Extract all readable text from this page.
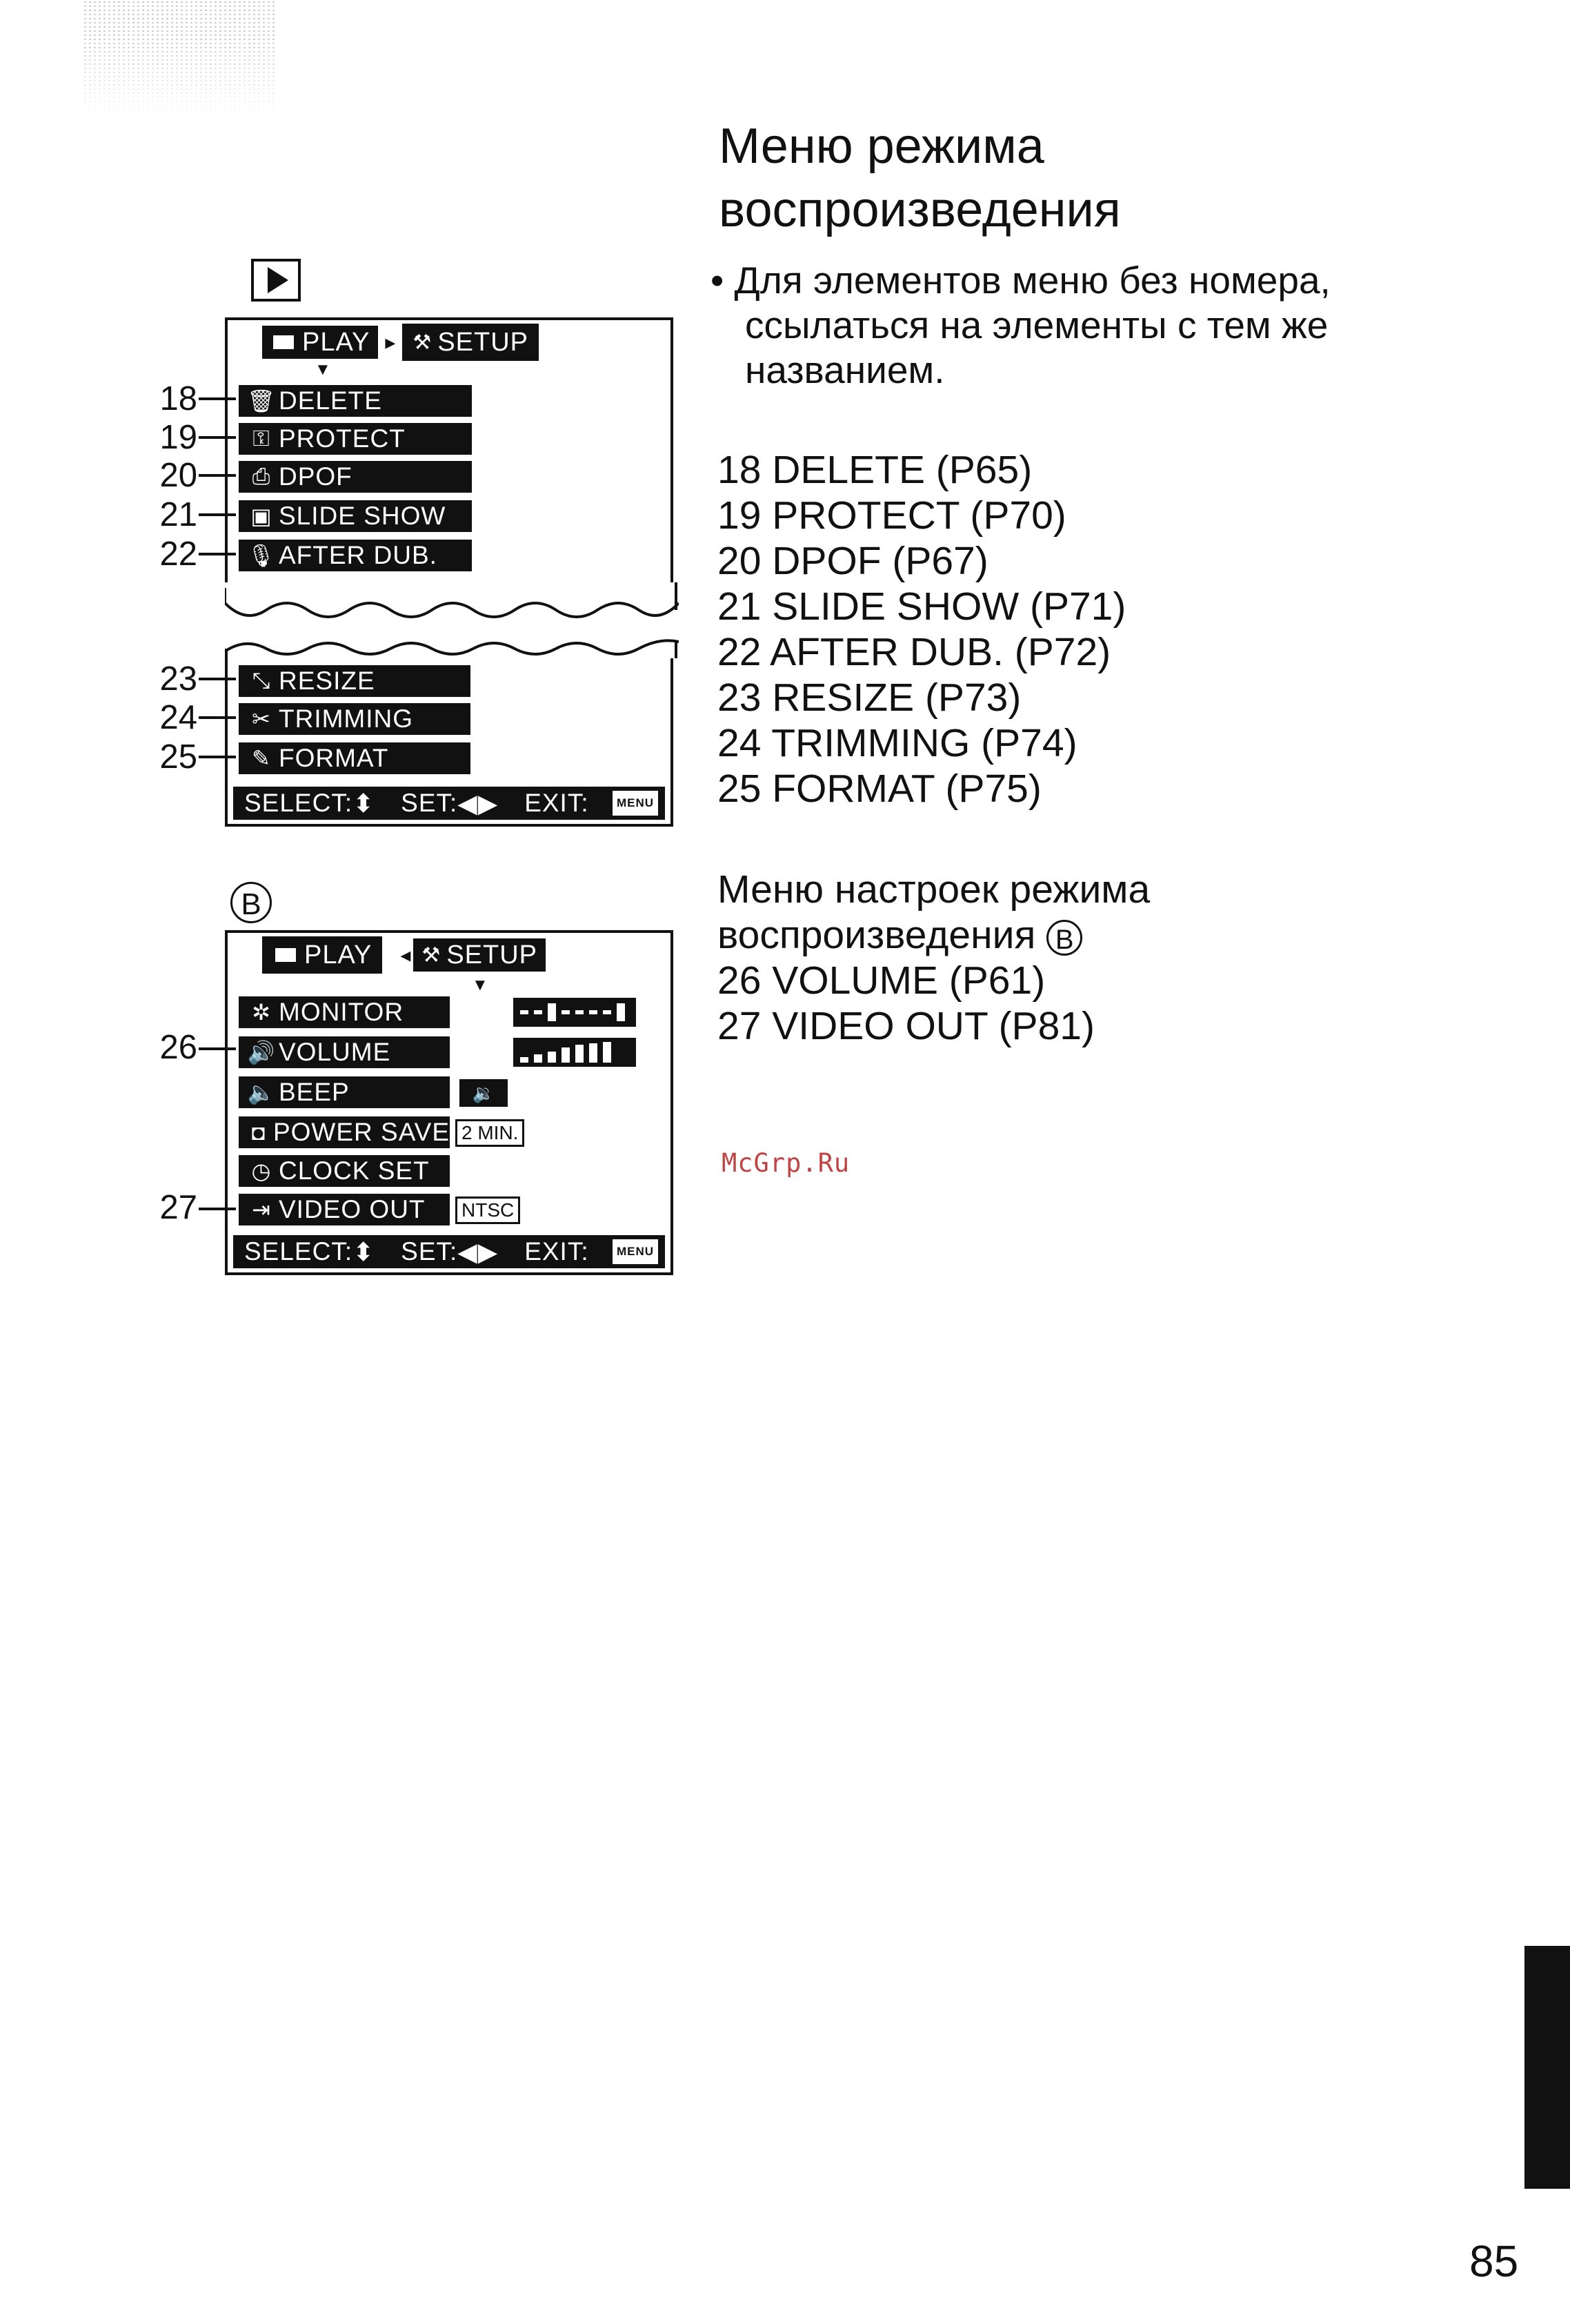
PLAY ▸ ⚒ SETUP
▼
🗑 DELETE
⚿ PROTECT
⎙ DPOF
▣ SLIDE SHOW
🎙 AFTER DUB.
⤡ RESIZE
✂ TRIMMING
✎ FORMAT
SELECT: ⬍ SET: ◀▶ EXIT:	MENU
18
19
20
21
22
23
24
25
B
PLAY ◂ ⚒ SETUP
▼
✲ MONITOR
🔊 VOLUME
🔈 BEEP	🔉
◘ POWER SAVE 2 MIN.
◷ CLOCK SET
⇥ VIDEO OUT	NTSC
SELECT: ⬍ SET: ◀▶ EXIT:	MENU
26
27
Меню режима
воспроизведения
• Для элементов меню без номера,
ссылаться на элементы с тем же
названием.
18 DELETE (P65)
19 PROTECT (P70)
20 DPOF (P67)
21 SLIDE SHOW (P71)
22 AFTER DUB. (P72)
23 RESIZE (P73)
24 TRIMMING (P74)
25 FORMAT (P75)
Меню настроек режима
воспроизведения B
26 VOLUME (P61)
27 VIDEO OUT (P81)
McGrp.Ru
85
